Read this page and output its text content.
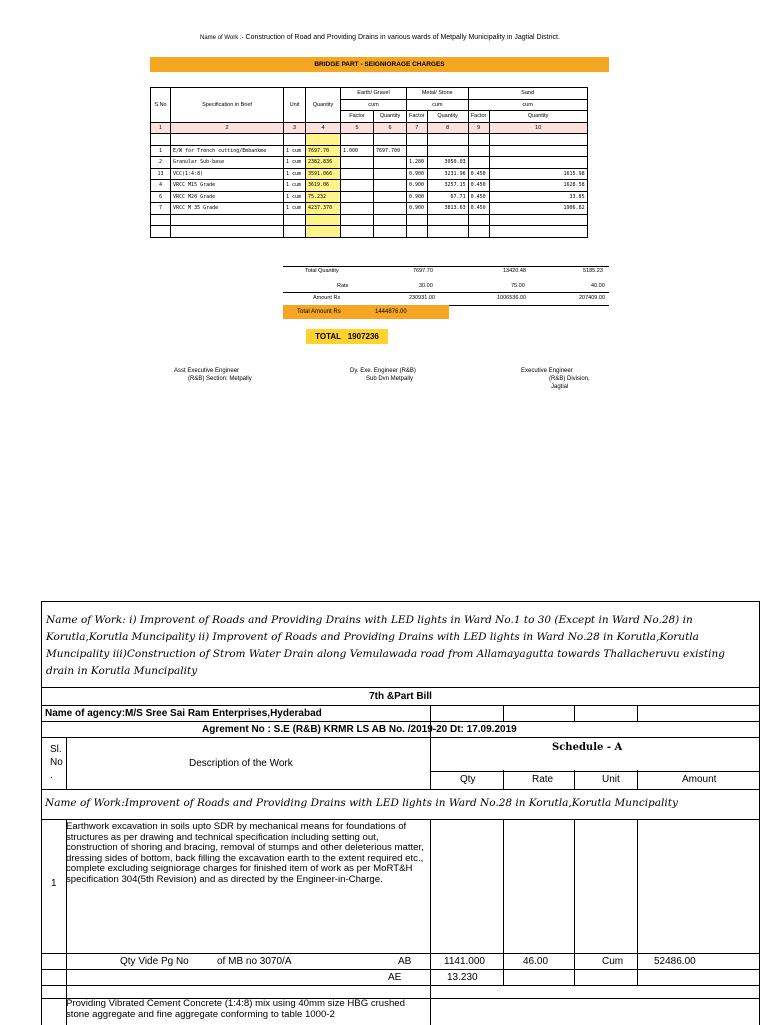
Name of Work :- Construction of Road and Providing Drains in various wards of Metpally Municipality in Jagtial District.
BRIDGE PART - SEIGNIORAGE CHARGES
S.No	Specification in Brief	Unit	Quantity	Earth/ Gravel		Metal/ Stone		Sand	
				cum		cum		cum	
				Factor	Quantity	Factor	Quantity	Factor	Quantity
1	2	3	4	5	6	7	8	9	10

1	E/W for Trench cutting/Embankme	1 cum	7697.70	1.000	7697.700				
2	Granular Sub-base	1 cum	2382.836			1.280	3050.03		
13	VCC(1:4:8)	1 cum	3591.066			0.900	3231.96	0.450	1615.98
4	VRCC M15 Grade	1 cum	3619.06			0.900	3257.15	0.450	1628.58
6	VRCC M20 Grade	1 cum	75.232			0.900	67.71	0.450	33.85
7	VRCC M 35 Grade	1 cum	4237.370			0.900	3813.63	0.450	1906.82

Total Quantity	7697.70	13420.48	5185.23
Rate	30.00	75.00	40.00
Amount Rs	230931.00	1006536.00	207409.00
Total Amount Rs	1444876.00
TOTAL 1907236
Asst Executive Engineer
(R&B) Section: Metpally
Dy. Exe. Engineer (R&B)
Sub Dvn Metpally
Executive Engineer
(R&B) Division,
Jagtial
Name of Work: i) Improvent of Roads and Providing Drains with LED lights in Ward No.1 to 30 (Except in Ward No.28) in Korutla,Korutla Muncipality ii) Improvent of Roads and Providing Drains with LED lights in Ward No.28 in Korutla,Korutla Muncipality iii)Construction of Strom Water Drain along Vemulawada road from Allamayagutta towards Thallacheruvu existing drain in Korutla Muncipality
7th &Part Bill
Name of agency:M/S Sree Sai Ram Enterprises,Hyderabad
Agrement No : S.E (R&B) KRMR LS AB No. /2019-20 Dt: 17.09.2019
Sl.
No
.
Description of the Work
Schedule - A
Qty	Rate	Unit	Amount
Name of Work:Improvent of Roads and Providing Drains with LED lights in Ward No.28 in Korutla,Korutla Muncipality
1
Earthwork excavation in soils upto SDR by mechanical means for foundations of structures as per drawing and technical specification including setting out, construction of shoring and bracing, removal of stumps and other deleterious matter, dressing sides of bottom, back filling the excavation earth to the extent required etc., complete excluding seigniorage charges for finished item of work as per MoRT&H specification 304(5th Revision) and as directed by the Engineer-in-Charge.
Qty Vide Pg No	of MB no 3070/A	AB	1141.000	46.00	Cum	52486.00
AE	13.230
Providing Vibrated Cement Concrete (1:4:8) mix using 40mm size HBG crushed stone aggregate and fine aggregate conforming to table 1000-2
